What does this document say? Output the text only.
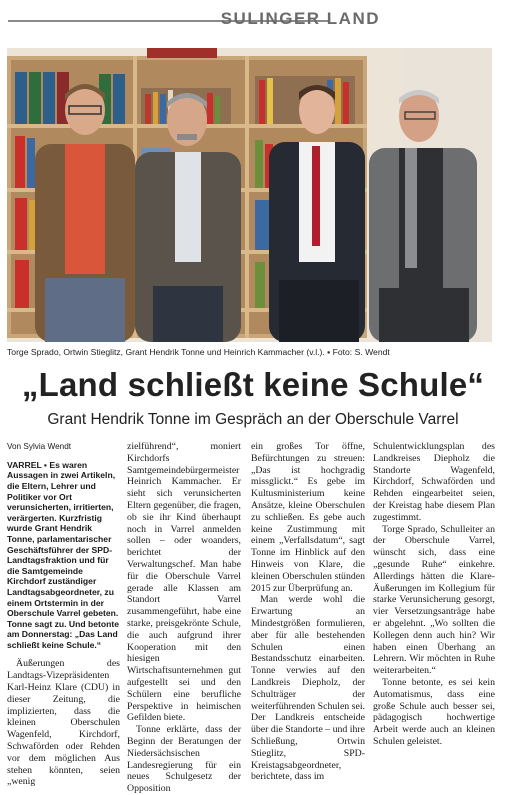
SULINGER LAND
Torge Sprado, Ortwin Stieglitz, Grant Hendrik Tonne und Heinrich Kammacher (v.l.). ▪ Foto: S. Wendt
„Land schließt keine Schule“
Grant Hendrik Tonne im Gespräch an der Oberschule Varrel

Von Sylvia Wendt

VARREL ▪ Es waren Aussagen in zwei Artikeln, die Eltern, Lehrer und Politiker vor Ort verunsicherten, irritierten, verärgerten. Kurzfristig wurde Grant Hendrik Tonne, parlamentarischer Geschäftsführer der SPD-Landtagsfraktion und für die Samtgemeinde Kirchdorf zuständiger Landtagsabgeordneter, zu einem Ortstermin in der Oberschule Varrel gebeten. Tonne sagt zu. Und betonte am Donnerstag: „Das Land schließt keine Schule.“

Äußerungen des Landtags-Vizepräsidenten Karl-Heinz Klare (CDU) in dieser Zeitung, die implizierten, dass die kleinen Oberschulen Wagenfeld, Kirchdorf, Schwaförden oder Rehden vor dem möglichen Aus stehen könnten, seien „wenig

zielführend“, moniert Kirchdorfs Samtgemeindebürgermeister Heinrich Kammacher. Er sieht sich verunsicherten Eltern gegenüber, die fragen, ob sie ihr Kind überhaupt noch in Varrel anmelden sollen – oder woanders, berichtet der Verwaltungschef. Man habe für die Oberschule Varrel gerade alle Klassen am Standort Varrel zusammengeführt, habe eine starke, preisgekrönte Schule, die auch aufgrund ihrer Kooperation mit den hiesigen Wirtschaftsunternehmen gut aufgestellt sei und den Schülern eine berufliche Perspektive in heimischen Gefilden biete.

Tonne erklärte, dass der Beginn der Beratungen der Niedersächsischen Landesregierung für ein neues Schulgesetz der Opposition

ein großes Tor öffne, Befürchtungen zu streuen: „Das ist hochgradig missglickt.“ Es gebe im Kultusministerium keine Ansätze, kleine Oberschulen zu schließen. Es gebe auch keine Zustimmung mit einem „Verfallsdatum“, sagt Tonne im Hinblick auf den Hinweis von Klare, die kleinen Oberschulen stünden 2015 zur Überprüfung an.

Man werde wohl die Erwartung an Mindestgrößen formulieren, aber für alle bestehenden Schulen einen Bestandsschutz einarbeiten. Tonne verwies auf den Landkreis Diepholz, der Schulträger der weiterführenden Schulen sei. Der Landkreis entscheide über die Standorte – und ihre Schließung, Ortwin Stieglitz, SPD-Kreistagsabgeordneter, berichtete, dass im

Schulentwicklungsplan des Landkreises Diepholz die Standorte Wagenfeld, Kirchdorf, Schwaförden und Rehden eingearbeitet seien, der Kreistag habe diesem Plan zugestimmt.

Torge Sprado, Schulleiter an der Oberschule Varrel, wünscht sich, dass eine „gesunde Ruhe“ einkehre. Allerdings hätten die Klare-Äußerungen im Kollegium für starke Verunsicherung gesorgt, vier Versetzungsanträge habe er abgelehnt. „Wo sollten die Kollegen denn auch hin? Wir haben einen Überhang an Lehrern. Wir möchten in Ruhe weiterarbeiten.“

Tonne betonte, es sei kein Automatismus, dass eine große Schule auch besser sei, pädagogisch hochwertige Arbeit werde auch an kleinen Schulen geleistet.
